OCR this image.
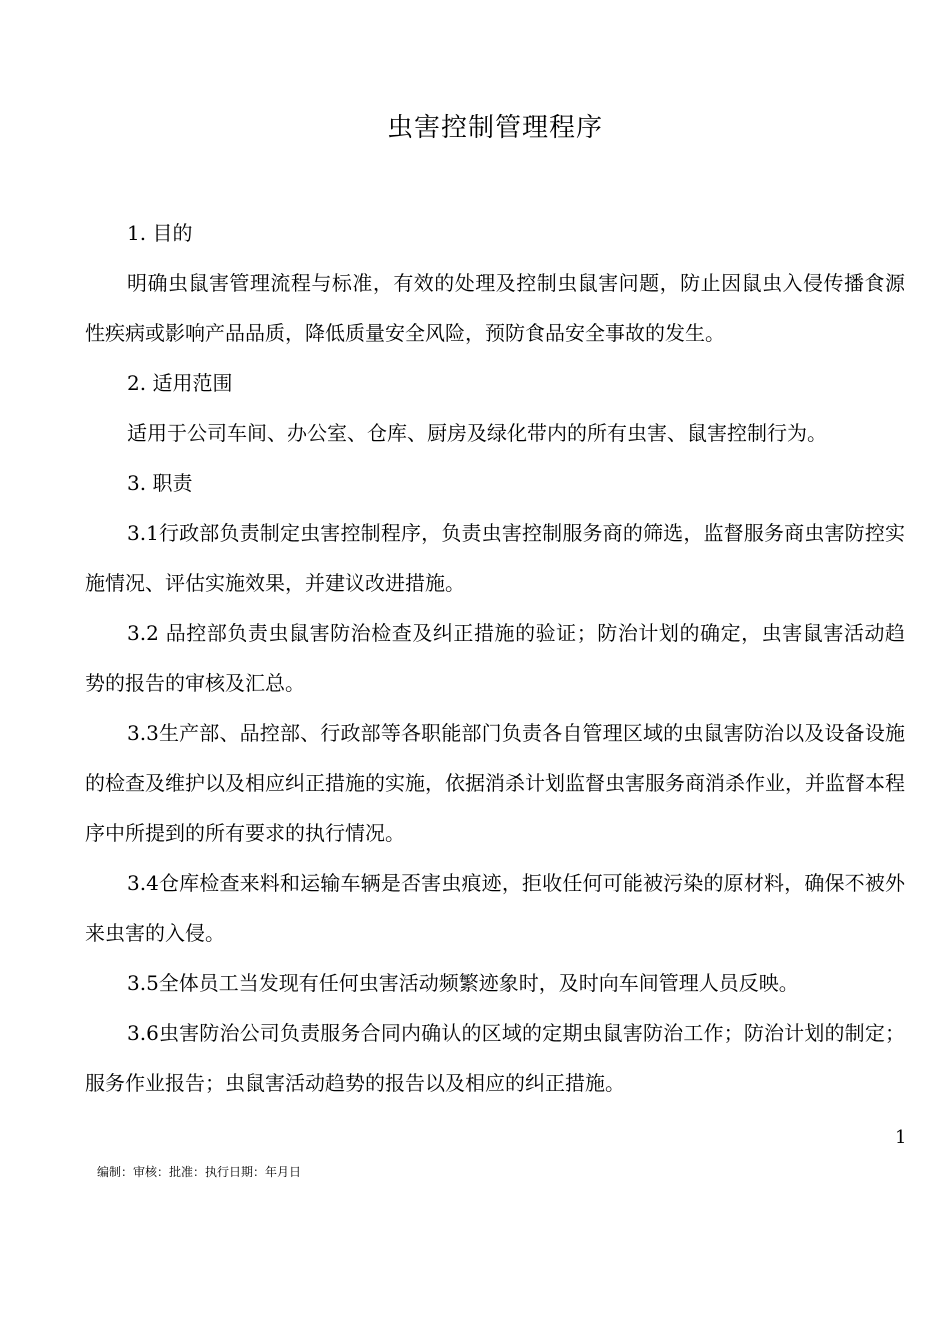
虫害控制管理程序

1. 目的

明确虫鼠害管理流程与标准，有效的处理及控制虫鼠害问题，防止因鼠虫入侵传播食源性疾病或影响产品品质，降低质量安全风险，预防食品安全事故的发生。

2. 适用范围

适用于公司车间、办公室、仓库、厨房及绿化带内的所有虫害、鼠害控制行为。

3. 职责

3.1行政部负责制定虫害控制程序，负责虫害控制服务商的筛选，监督服务商虫害防控实施情况、评估实施效果，并建议改进措施。

3.2 品控部负责虫鼠害防治检查及纠正措施的验证；防治计划的确定，虫害鼠害活动趋势的报告的审核及汇总。

3.3生产部、品控部、行政部等各职能部门负责各自管理区域的虫鼠害防治以及设备设施的检查及维护以及相应纠正措施的实施，依据消杀计划监督虫害服务商消杀作业，并监督本程序中所提到的所有要求的执行情况。

3.4仓库检查来料和运输车辆是否害虫痕迹，拒收任何可能被污染的原材料，确保不被外来虫害的入侵。

3.5全体员工当发现有任何虫害活动频繁迹象时，及时向车间管理人员反映。

3.6虫害防治公司负责服务合同内确认的区域的定期虫鼠害防治工作；防治计划的制定；服务作业报告；虫鼠害活动趋势的报告以及相应的纠正措施。

1
编制：审核：批准：执行日期：年月日
